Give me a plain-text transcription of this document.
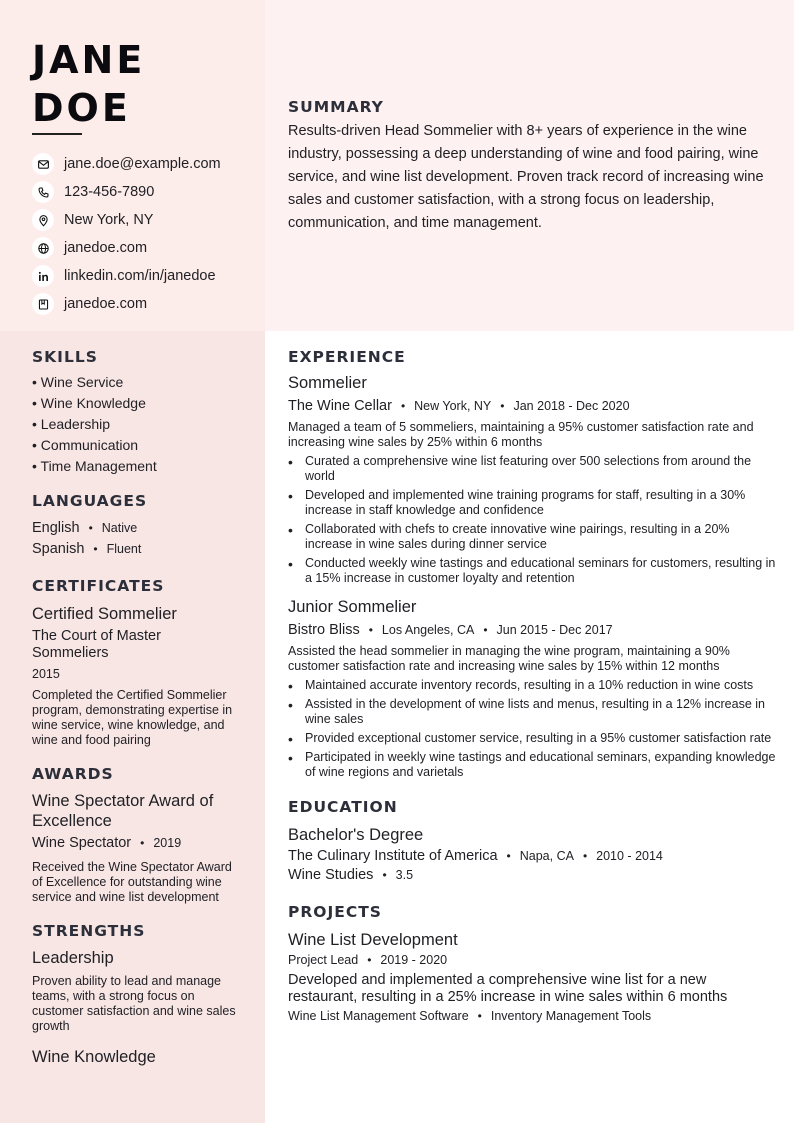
JANE
DOE
jane.doe@example.com
123-456-7890
New York, NY
janedoe.com
linkedin.com/in/janedoe
janedoe.com
SUMMARY

Results-driven Head Sommelier with 8+ years of experience in the wine industry, possessing a deep understanding of wine and food pairing, wine service, and wine list development. Proven track record of increasing wine sales and customer satisfaction, with a strong focus on leadership, communication, and time management.

SKILLS
• Wine Service
• Wine Knowledge
• Leadership
• Communication
• Time Management
LANGUAGES
English • Native
Spanish • Fluent
CERTIFICATES
Certified Sommelier
The Court of Master Sommeliers
2015
Completed the Certified Sommelier program, demonstrating expertise in wine service, wine knowledge, and wine and food pairing
AWARDS
Wine Spectator Award of Excellence
Wine Spectator • 2019
Received the Wine Spectator Award of Excellence for outstanding wine service and wine list development
STRENGTHS
Leadership
Proven ability to lead and manage teams, with a strong focus on customer satisfaction and wine sales growth
Wine Knowledge
EXPERIENCE
Sommelier
The Wine Cellar • New York, NY • Jan 2018 - Dec 2020
Managed a team of 5 sommeliers, maintaining a 95% customer satisfaction rate and increasing wine sales by 25% within 6 months
• Curated a comprehensive wine list featuring over 500 selections from around the world
• Developed and implemented wine training programs for staff, resulting in a 30% increase in staff knowledge and confidence
• Collaborated with chefs to create innovative wine pairings, resulting in a 20% increase in wine sales during dinner service
• Conducted weekly wine tastings and educational seminars for customers, resulting in a 15% increase in customer loyalty and retention
Junior Sommelier
Bistro Bliss • Los Angeles, CA • Jun 2015 - Dec 2017
Assisted the head sommelier in managing the wine program, maintaining a 90% customer satisfaction rate and increasing wine sales by 15% within 12 months
• Maintained accurate inventory records, resulting in a 10% reduction in wine costs
• Assisted in the development of wine lists and menus, resulting in a 12% increase in wine sales
• Provided exceptional customer service, resulting in a 95% customer satisfaction rate
• Participated in weekly wine tastings and educational seminars, expanding knowledge of wine regions and varietals
EDUCATION
Bachelor's Degree
The Culinary Institute of America • Napa, CA • 2010 - 2014
Wine Studies • 3.5
PROJECTS
Wine List Development
Project Lead • 2019 - 2020
Developed and implemented a comprehensive wine list for a new restaurant, resulting in a 25% increase in wine sales within 6 months
Wine List Management Software • Inventory Management Tools
